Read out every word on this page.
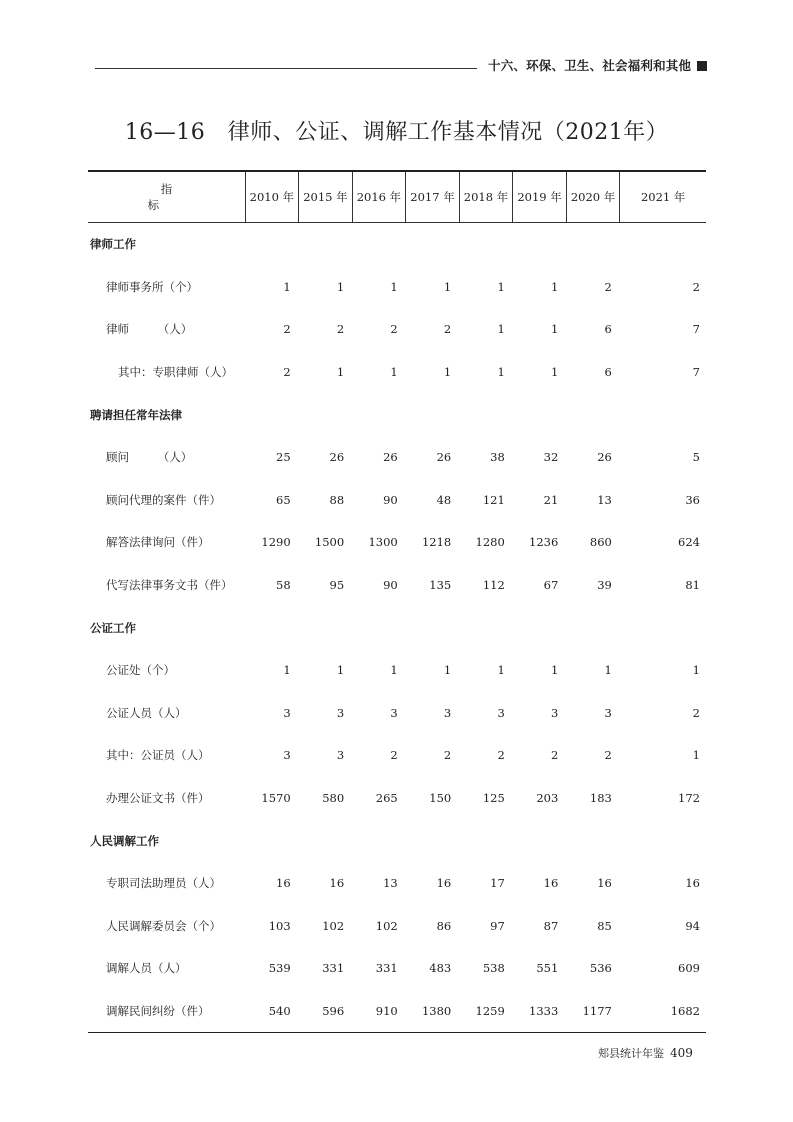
十六、环保、卫生、社会福利和其他
16—16　律师、公证、调解工作基本情况（2021年）
指　　标	2010 年	2015 年	2016 年	2017 年	2018 年	2019 年	2020 年	2021 年
律师工作								
律师事务所（个）	1	1	1	1	1	1	2	2
律师　　　（人）	2	2	2	2	1	1	6	7
其中：专职律师（人）	2	1	1	1	1	1	6	7
聘请担任常年法律								
顾问　　　（人）	25	26	26	26	38	32	26	5
顾问代理的案件（件）	65	88	90	48	121	21	13	36
解答法律询问（件）	1290	1500	1300	1218	1280	1236	860	624
代写法律事务文书（件）	58	95	90	135	112	67	39	81
公证工作								
公证处（个）	1	1	1	1	1	1	1	1
公证人员（人）	3	3	3	3	3	3	3	2
其中：公证员（人）	3	3	2	2	2	2	2	1
办理公证文书（件）	1570	580	265	150	125	203	183	172
人民调解工作								
专职司法助理员（人）	16	16	13	16	17	16	16	16
人民调解委员会（个）	103	102	102	86	97	87	85	94
调解人员（人）	539	331	331	483	538	551	536	609
调解民间纠纷（件）	540	596	910	1380	1259	1333	1177	1682
郏县统计年鉴 409
